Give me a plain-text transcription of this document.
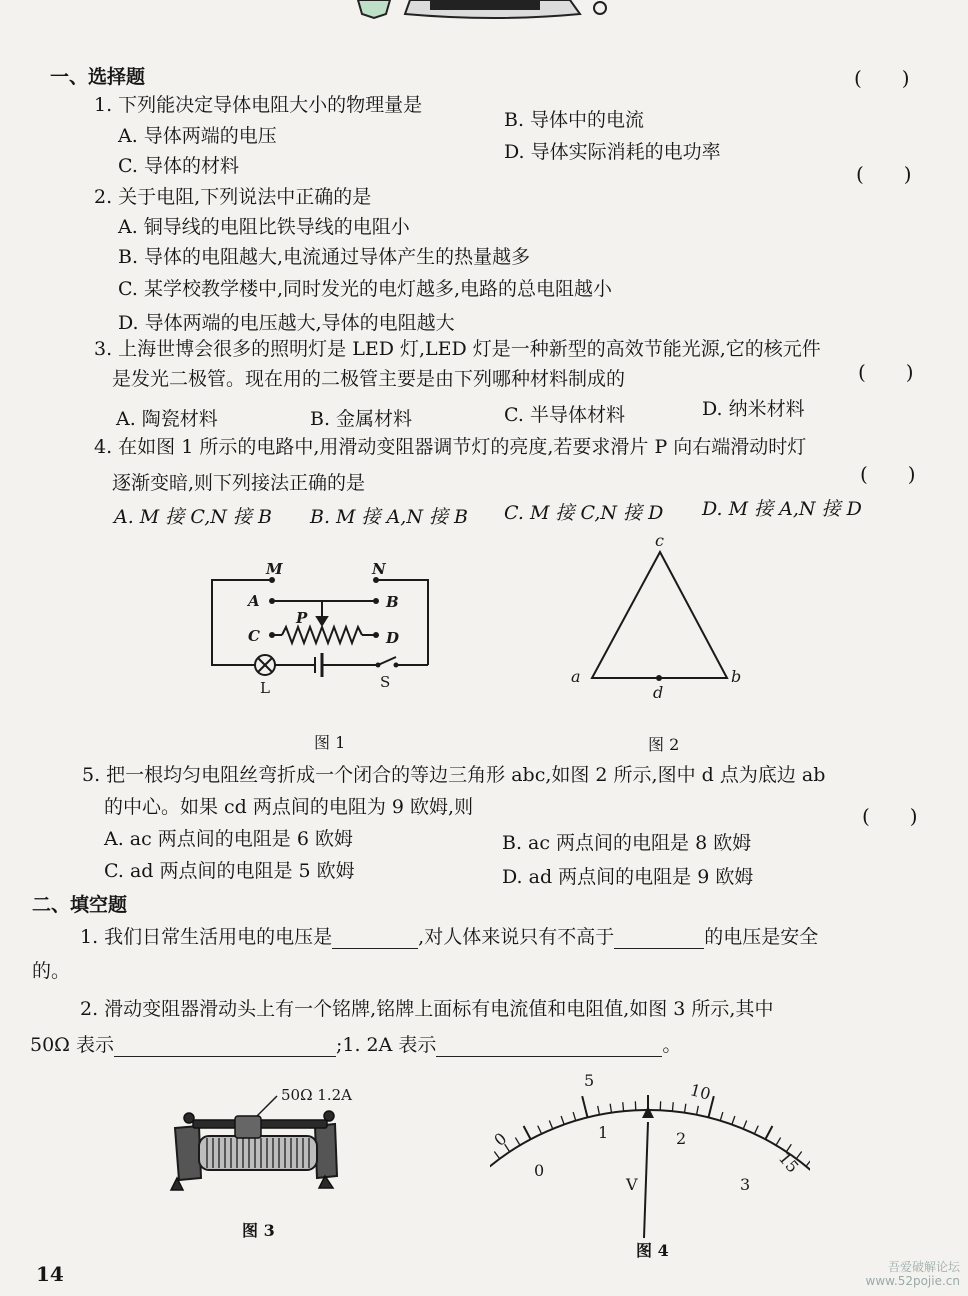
一、选择题	(　　)
1. 下列能决定导体电阻大小的物理量是
A. 导体两端的电压
B. 导体中的电流
C. 导体的材料
D. 导体实际消耗的电功率
(　　)
2. 关于电阻,下列说法中正确的是
A. 铜导线的电阻比铁导线的电阻小
B. 导体的电阻越大,电流通过导体产生的热量越多
C. 某学校教学楼中,同时发光的电灯越多,电路的总电阻越小
D. 导体两端的电压越大,导体的电阻越大
3. 上海世博会很多的照明灯是 LED 灯,LED 灯是一种新型的高效节能光源,它的核元件
是发光二极管。现在用的二极管主要是由下列哪种材料制成的	(　　)
A. 陶瓷材料	B. 金属材料	C. 半导体材料	D. 纳米材料
4. 在如图 1 所示的电路中,用滑动变阻器调节灯的亮度,若要求滑片 P 向右端滑动时灯
逐渐变暗,则下列接法正确的是	(　　)
A. M 接 C,N 接 B B. M 接 A,N 接 B C. M 接 C,N 接 D D. M 接 A,N 接 D
M	N
A	B
P
C	D
L	S
图 1
c
a	b
d
图 2
5. 把一根均匀电阻丝弯折成一个闭合的等边三角形 abc,如图 2 所示,图中 d 点为底边 ab
的中心。如果 cd 两点间的电阻为 9 欧姆,则	(　　)
A. ac 两点间的电阻是 6 欧姆	B. ac 两点间的电阻是 8 欧姆
C. ad 两点间的电阻是 5 欧姆	D. ad 两点间的电阻是 9 欧姆
二、填空题
1. 我们日常生活用电的电压是	,对人体来说只有不高于	的电压是安全
的。
2. 滑动变阻器滑动头上有一个铭牌,铭牌上面标有电流值和电阻值,如图 3 所示,其中
50Ω 表示	;1. 2A 表示	。
50Ω 1.2A
图 3
0
5	10
15
0
1	2
3
V
图 4
14	吾爱破解论坛
www.52pojie.cn
